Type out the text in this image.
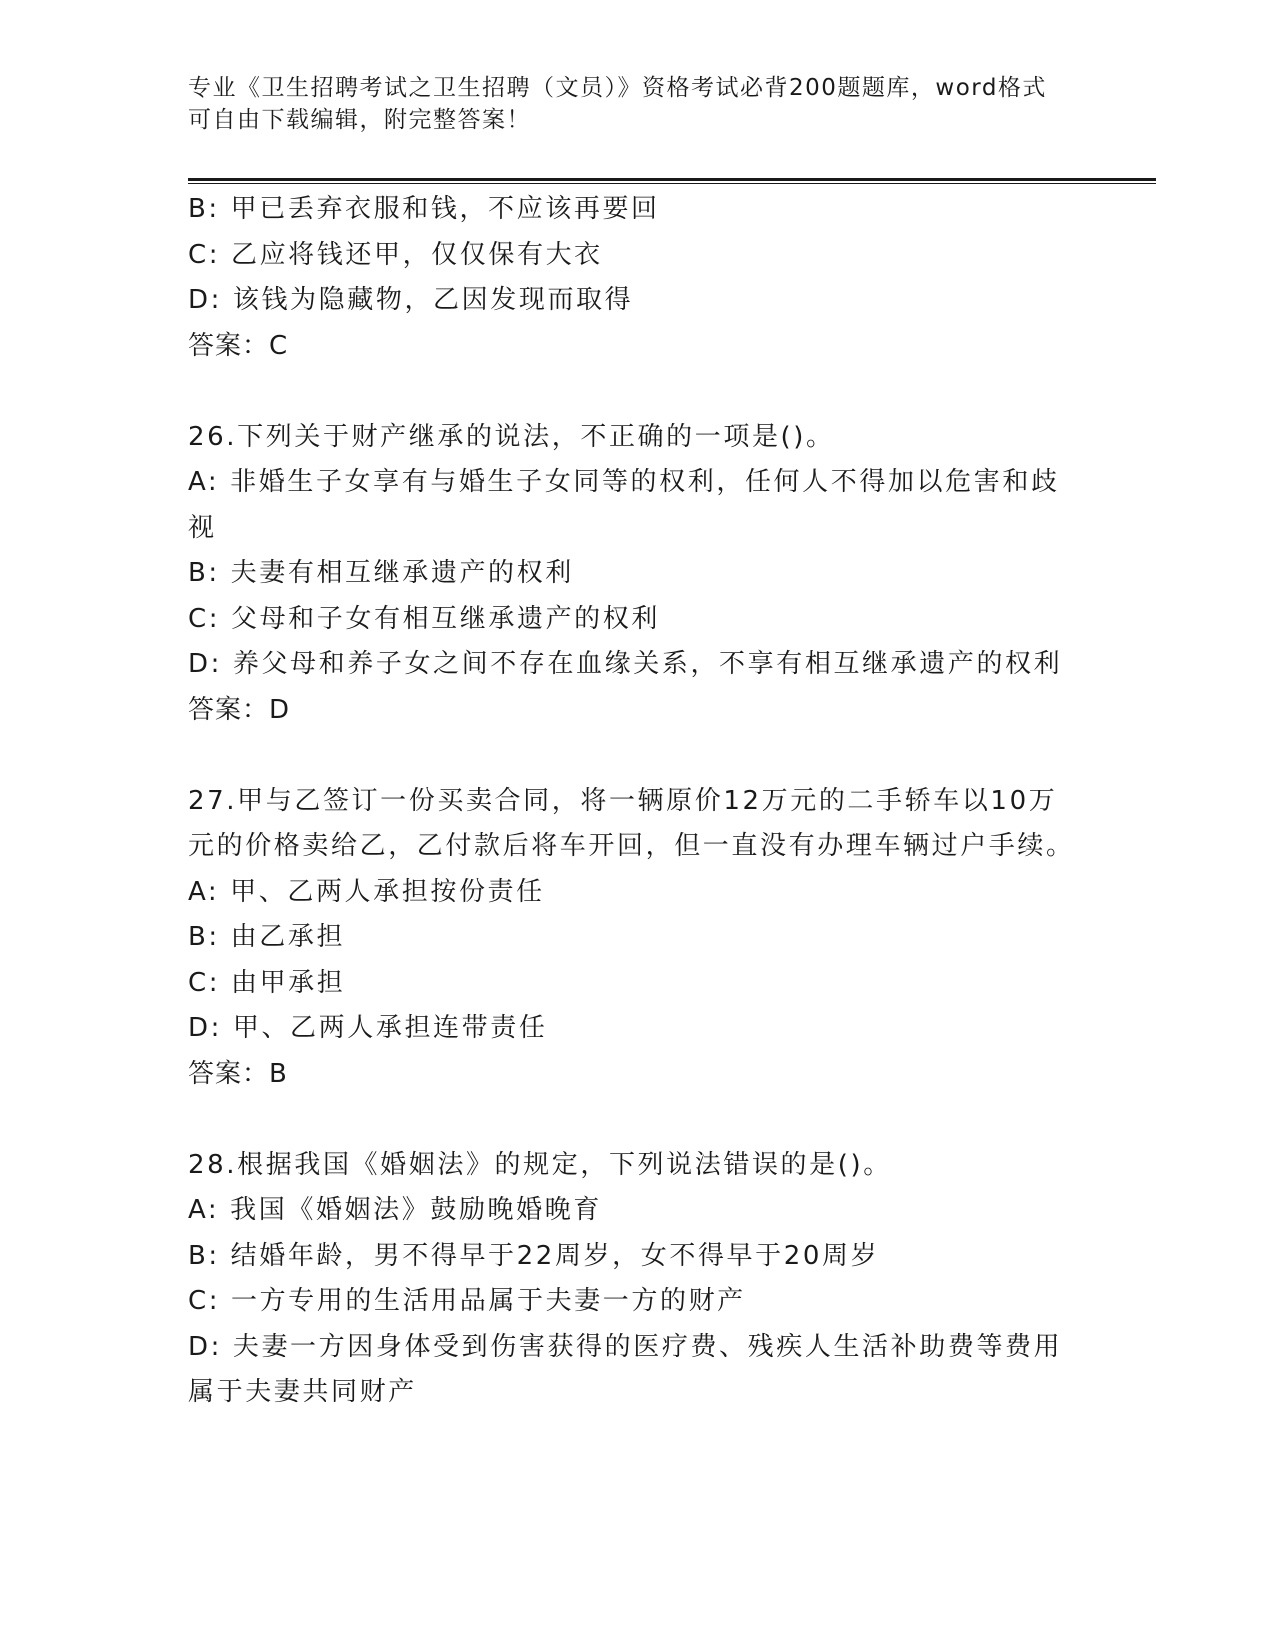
专业《卫生招聘考试之卫生招聘（文员）》资格考试必背200题题库，word格式
可自由下载编辑，附完整答案！
B: 甲已丢弃衣服和钱，不应该再要回
C: 乙应将钱还甲，仅仅保有大衣
D: 该钱为隐藏物，乙因发现而取得
答案：C
26.下列关于财产继承的说法，不正确的一项是()。
A: 非婚生子女享有与婚生子女同等的权利，任何人不得加以危害和歧视
B: 夫妻有相互继承遗产的权利
C: 父母和子女有相互继承遗产的权利
D: 养父母和养子女之间不存在血缘关系，不享有相互继承遗产的权利
答案：D
27.甲与乙签订一份买卖合同，将一辆原价12万元的二手轿车以10万元的价格卖给乙，乙付款后将车开回，但一直没有办理车辆过户手续。
A: 甲、乙两人承担按份责任
B: 由乙承担
C: 由甲承担
D: 甲、乙两人承担连带责任
答案：B
28.根据我国《婚姻法》的规定，下列说法错误的是()。
A: 我国《婚姻法》鼓励晚婚晚育
B: 结婚年龄，男不得早于22周岁，女不得早于20周岁
C: 一方专用的生活用品属于夫妻一方的财产
D: 夫妻一方因身体受到伤害获得的医疗费、残疾人生活补助费等费用属于夫妻共同财产
